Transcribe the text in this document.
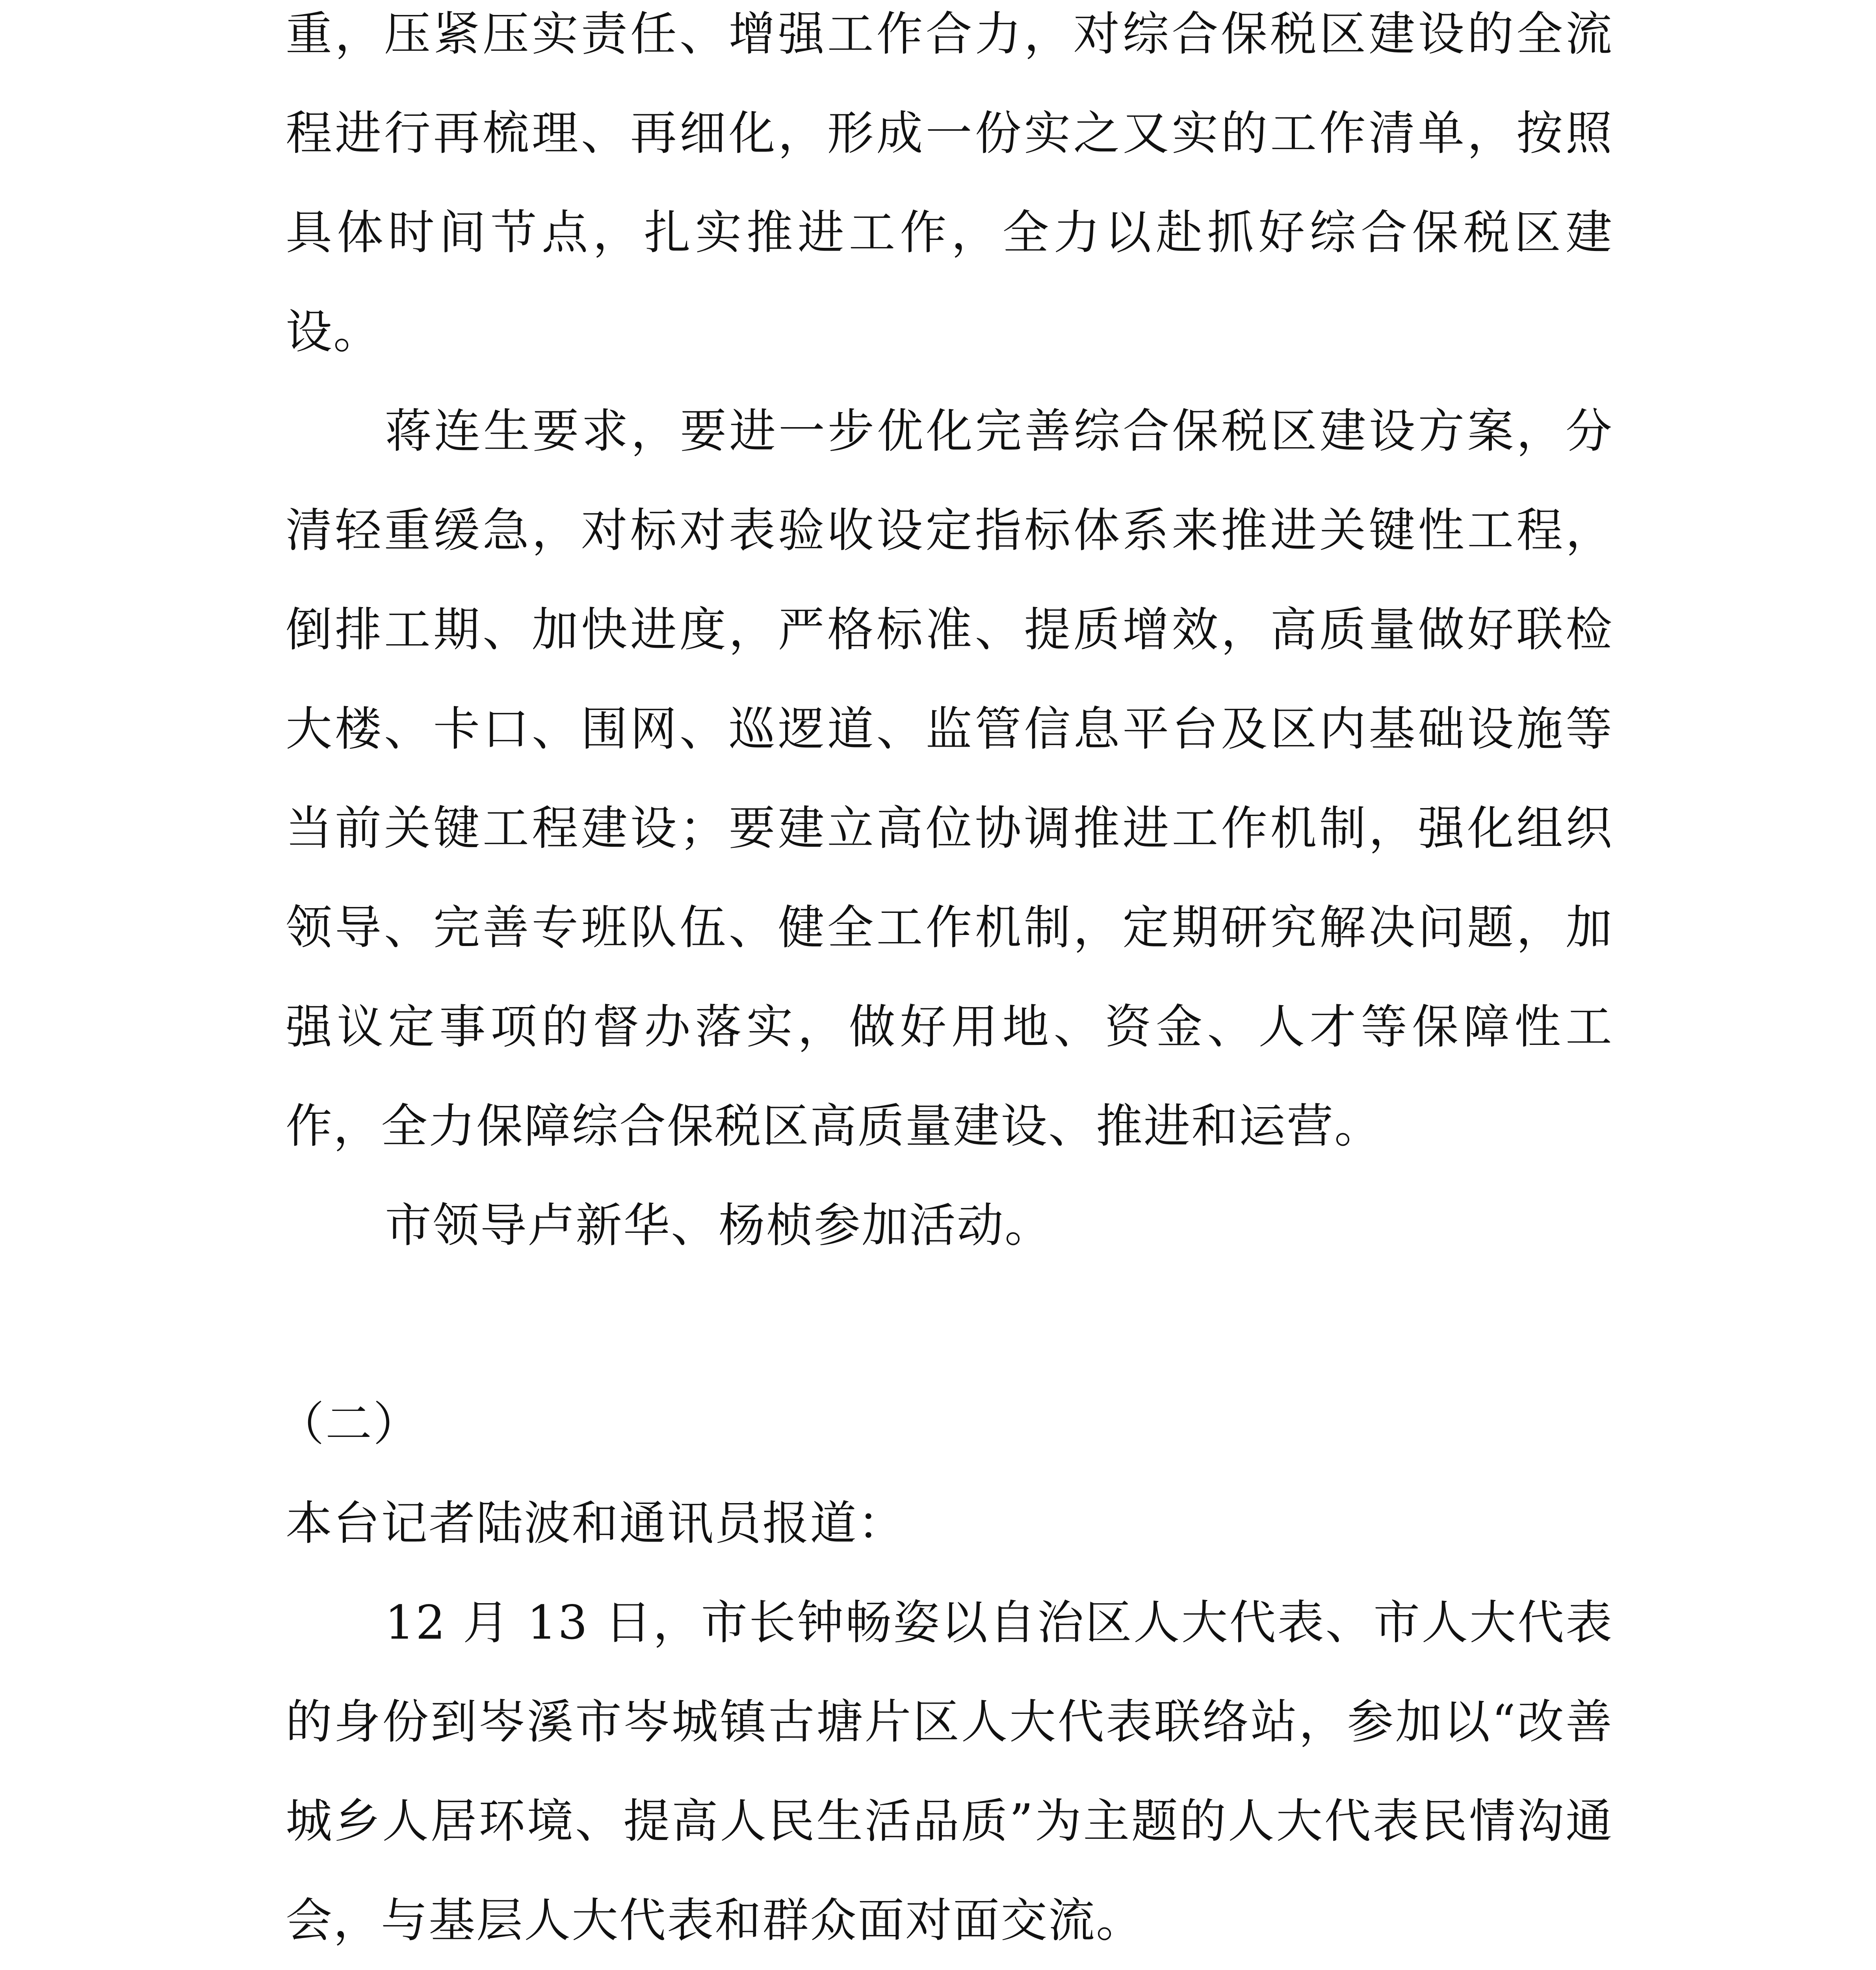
重，压紧压实责任、增强工作合力，对综合保税区建设的全流程进行再梳理、再细化，形成一份实之又实的工作清单，按照具体时间节点，扎实推进工作，全力以赴抓好综合保税区建设。

蒋连生要求，要进一步优化完善综合保税区建设方案，分清轻重缓急，对标对表验收设定指标体系来推进关键性工程，倒排工期、加快进度，严格标准、提质增效，高质量做好联检大楼、卡口、围网、巡逻道、监管信息平台及区内基础设施等当前关键工程建设；要建立高位协调推进工作机制，强化组织领导、完善专班队伍、健全工作机制，定期研究解决问题，加强议定事项的督办落实，做好用地、资金、人才等保障性工作，全力保障综合保税区高质量建设、推进和运营。

市领导卢新华、杨桢参加活动。

（二）

本台记者陆波和通讯员报道：

12 月 13 日，市长钟畅姿以自治区人大代表、市人大代表的身份到岑溪市岑城镇古塘片区人大代表联络站，参加以“改善城乡人居环境、提高人民生活品质”为主题的人大代表民情沟通会，与基层人大代表和群众面对面交流。
